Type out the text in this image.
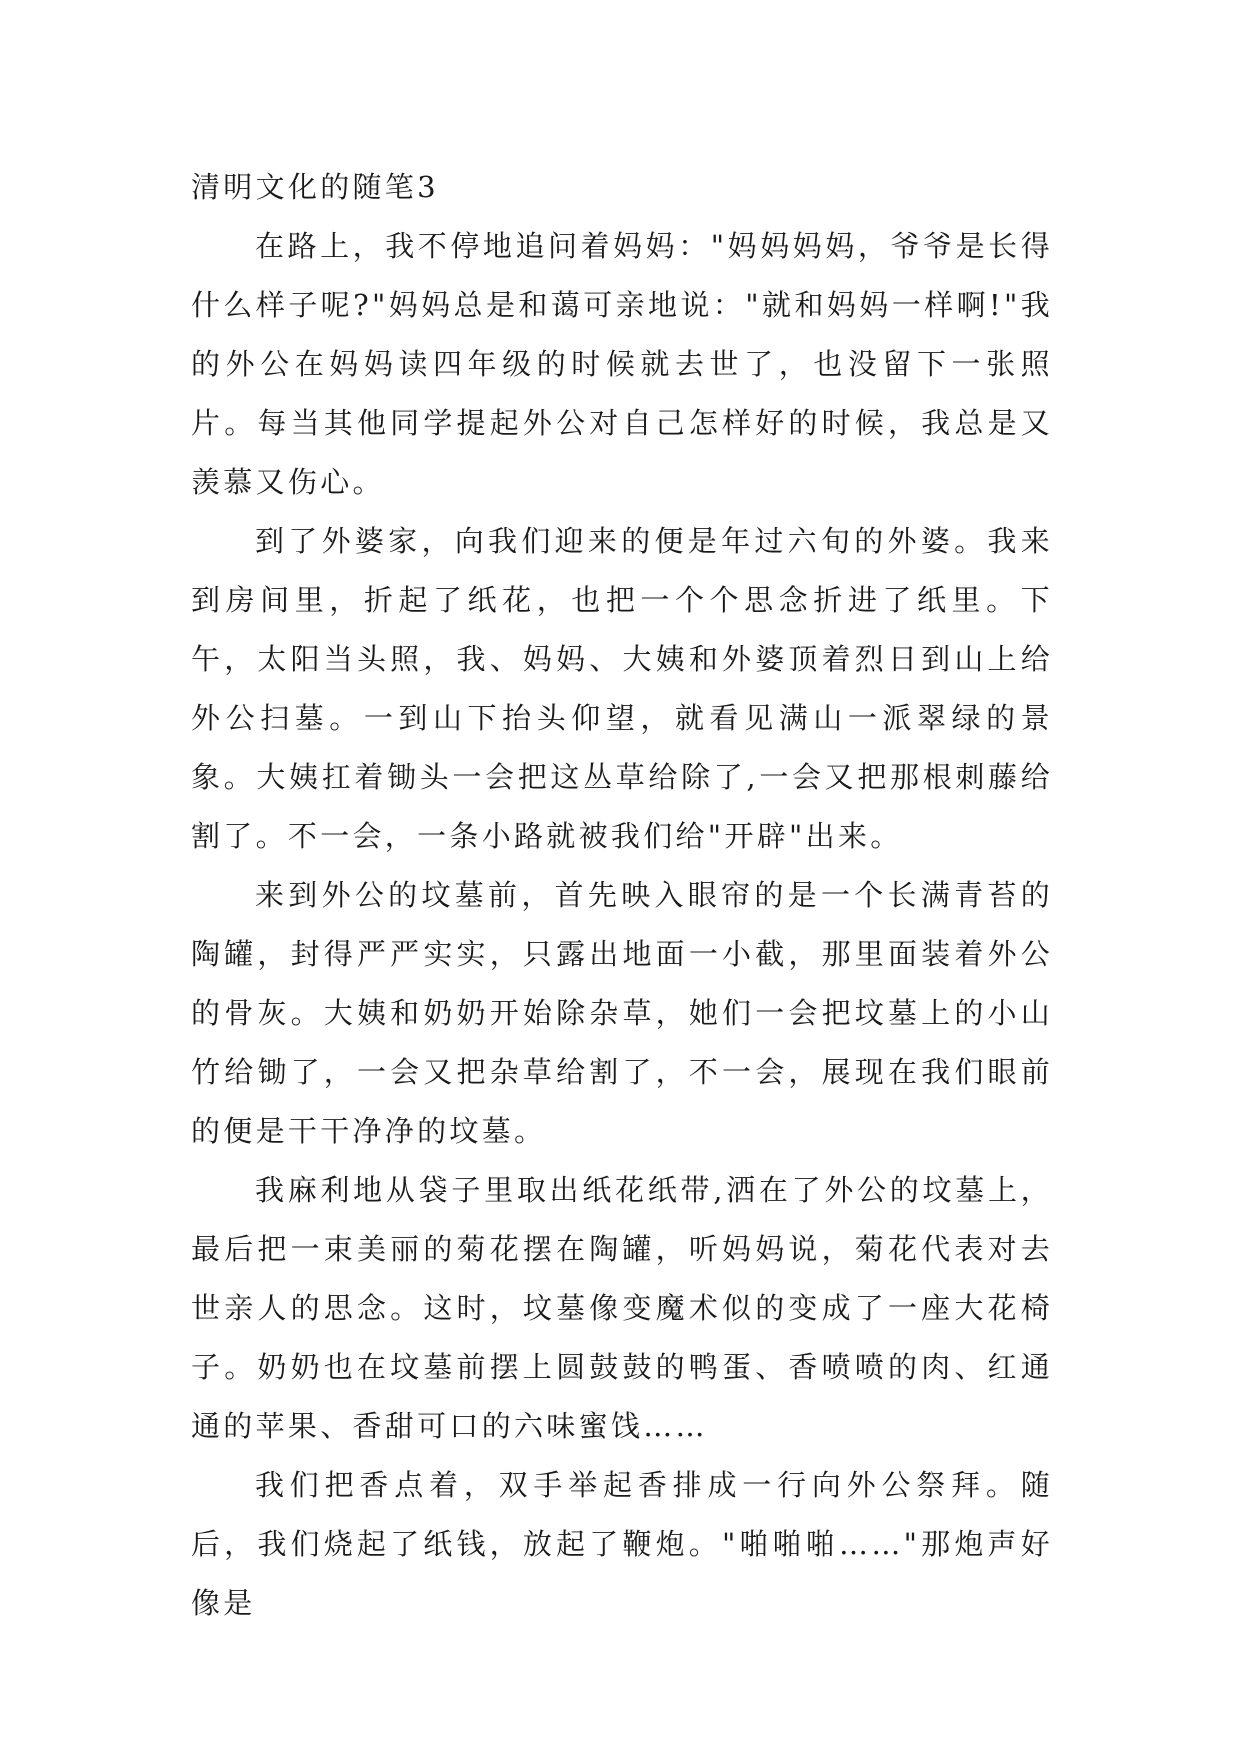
清明文化的随笔3

在路上，我不停地追问着妈妈："妈妈妈妈，爷爷是长得什么样子呢?"妈妈总是和蔼可亲地说："就和妈妈一样啊!"我的外公在妈妈读四年级的时候就去世了，也没留下一张照片。每当其他同学提起外公对自己怎样好的时候，我总是又羡慕又伤心。

到了外婆家，向我们迎来的便是年过六旬的外婆。我来到房间里，折起了纸花，也把一个个思念折进了纸里。下午，太阳当头照，我、妈妈、大姨和外婆顶着烈日到山上给外公扫墓。一到山下抬头仰望，就看见满山一派翠绿的景象。大姨扛着锄头一会把这丛草给除了,一会又把那根刺藤给割了。不一会，一条小路就被我们给"开辟"出来。

来到外公的坟墓前，首先映入眼帘的是一个长满青苔的陶罐，封得严严实实，只露出地面一小截，那里面装着外公的骨灰。大姨和奶奶开始除杂草，她们一会把坟墓上的小山竹给锄了，一会又把杂草给割了，不一会，展现在我们眼前的便是干干净净的坟墓。

我麻利地从袋子里取出纸花纸带,洒在了外公的坟墓上，最后把一束美丽的菊花摆在陶罐，听妈妈说，菊花代表对去世亲人的思念。这时，坟墓像变魔术似的变成了一座大花椅子。奶奶也在坟墓前摆上圆鼓鼓的鸭蛋、香喷喷的肉、红通通的苹果、香甜可口的六味蜜饯……

我们把香点着，双手举起香排成一行向外公祭拜。随后，我们烧起了纸钱，放起了鞭炮。"啪啪啪……"那炮声好像是
